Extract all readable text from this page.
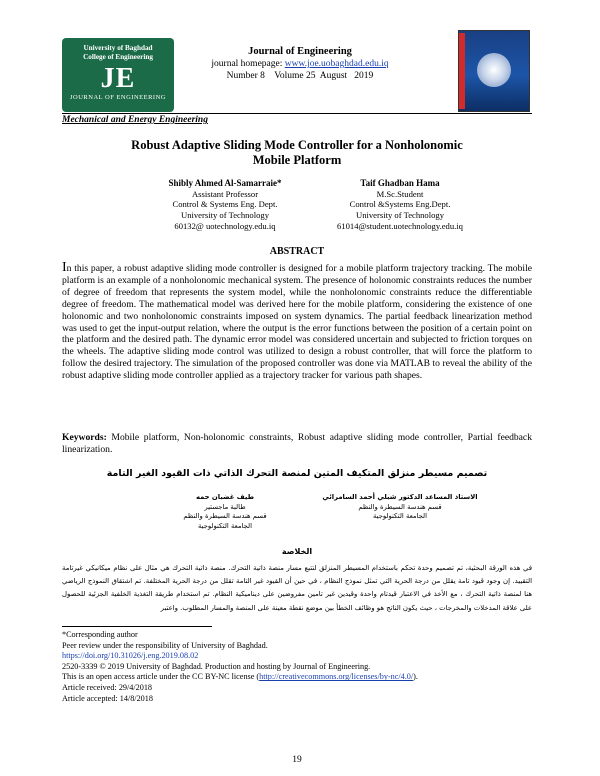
University of Baghdad
College of Engineering
JE
JOURNAL OF ENGINEERING
Journal of Engineering
journal homepage: www.joe.uobaghdad.edu.iq
Number 8    Volume 25  August   2019
Mechanical and Energy Engineering
Robust Adaptive Sliding Mode Controller for a Nonholonomic
Mobile Platform
Shibly Ahmed Al-Samarraie*
Assistant Professor
Control & Systems Eng. Dept.
University of Technology
60132@ uotechnology.edu.iq
Taif Ghadban Hama
M.Sc.Student
Control &Systems Eng.Dept.
University of Technology
61014@student.uotechnology.edu.iq
ABSTRACT
In this paper, a robust adaptive sliding mode controller is designed for a mobile platform trajectory tracking. The mobile platform is an example of a nonholonomic mechanical system. The presence of holonomic constraints reduces the number of degree of freedom that represents the system model, while the nonholonomic constraints reduce the differentiable degree of freedom. The mathematical model was derived here for the mobile platform, considering the existence of one holonomic and two nonholonomic constraints imposed on system dynamics. The partial feedback linearization method was used to get the input-output relation, where the output is the error functions between the position of a certain point on the platform and the desired path. The dynamic error model was considered uncertain and subjected to friction torques on the wheels. The adaptive sliding mode control was utilized to design a robust controller, that will force the platform to follow the desired trajectory. The simulation of the proposed controller was done via MATLAB to reveal the ability of the robust adaptive sliding mode controller applied as a trajectory tracker for various path shapes.
Keywords: Mobile platform, Non-holonomic constraints, Robust adaptive sliding mode controller, Partial feedback linearization.
تصميم مسيطر منزلق المتكيف المتين لمنصة التحرك الذاتي ذات القيود الغير التامة
الاستاذ المساعد الدكتور شبلي أحمد السامرائي
قسم هندسة السيطرة والنظم
الجامعة التكنولوجية
طيف غضبان حمه
طالبة ماجستير
قسم هندسة السيطرة والنظم
الجامعة التكنولوجية
الخلاصة
في هذه الورقة البحثية، تم تصميم وحدة تحكم باستخدام المسيطر المنزلق لتتبع مسار منصة ذاتية التحرك. منصة ذاتية التحرك هي مثال على نظام ميكانيكي غيرتامة التقييد. إن وجود قيود تامة يقلل من درجة الحرية التي تمثل نموذج النظام ، في حين أن القيود غير التامة تقلل من درجة الحرية المختلفة. تم اشتقاق النموذج الرياضي هنا لمنصة ذاتية التحرك ، مع الأخذ في الاعتبار قيدتام واحدة وقيدين غير تامين مفروضين على ديناميكية النظام. تم استخدام طريقة التغذية الخلفية الجزئية للحصول على علاقة المدخلات والمخرجات ، حيث يكون الناتج هو وظائف الخطأ بين موضع نقطة معينة على المنصة والمسار المطلوب. واعتبر
*Corresponding author
Peer review under the responsibility of University of Baghdad.
https://doi.org/10.31026/j.eng.2019.08.02
2520-3339 © 2019 University of Baghdad. Production and hosting by Journal of Engineering.
This is an open access article under the CC BY-NC license (http://creativecommons.org/licenses/by-nc/4.0/).
Article received: 29/4/2018
Article accepted: 14/8/2018
19
